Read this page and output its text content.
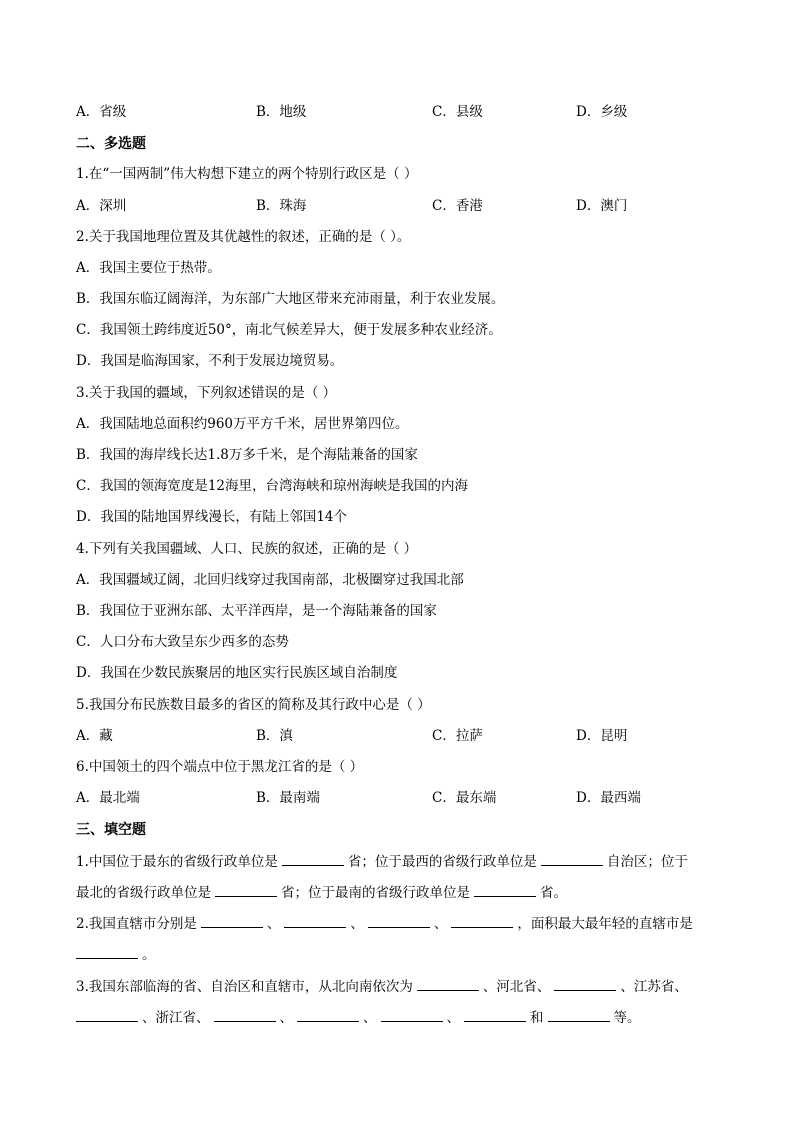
A．省级	B．地级	C．县级	D．乡级
二、多选题
1.在“一国两制”伟大构想下建立的两个特别行政区是（ ）
A．深圳	B．珠海	C．香港	D．澳门
2.关于我国地理位置及其优越性的叙述，正确的是（ ）。
A．我国主要位于热带。
B．我国东临辽阔海洋，为东部广大地区带来充沛雨量，利于农业发展。
C．我国领土跨纬度近50°，南北气候差异大，便于发展多种农业经济。
D．我国是临海国家，不利于发展边境贸易。
3.关于我国的疆域，下列叙述错误的是（ ）
A．我国陆地总面积约960万平方千米，居世界第四位。
B．我国的海岸线长达1.8万多千米，是个海陆兼备的国家
C．我国的领海宽度是12海里，台湾海峡和琼州海峡是我国的内海
D．我国的陆地国界线漫长，有陆上邻国14个
4.下列有关我国疆域、人口、民族的叙述，正确的是（ ）
A．我国疆域辽阔，北回归线穿过我国南部，北极圈穿过我国北部
B．我国位于亚洲东部、太平洋西岸，是一个海陆兼备的国家
C．人口分布大致呈东少西多的态势
D．我国在少数民族聚居的地区实行民族区域自治制度
5.我国分布民族数目最多的省区的简称及其行政中心是（ ）
A．藏	B．滇	C．拉萨	D．昆明
6.中国领土的四个端点中位于黑龙江省的是（ ）
A．最北端	B．最南端	C．最东端	D．最西端
三、填空题
1.中国位于最东的省级行政单位是	省；位于最西的省级行政单位是	自治区；位于
最北的省级行政单位是	省；位于最南的省级行政单位是	省。
2.我国直辖市分别是	、	、	、	，面积最大最年轻的直辖市是
。
3.我国东部临海的省、自治区和直辖市，从北向南依次为	、河北省、	、江苏省、
、浙江省、	、	、	、	和	等。
